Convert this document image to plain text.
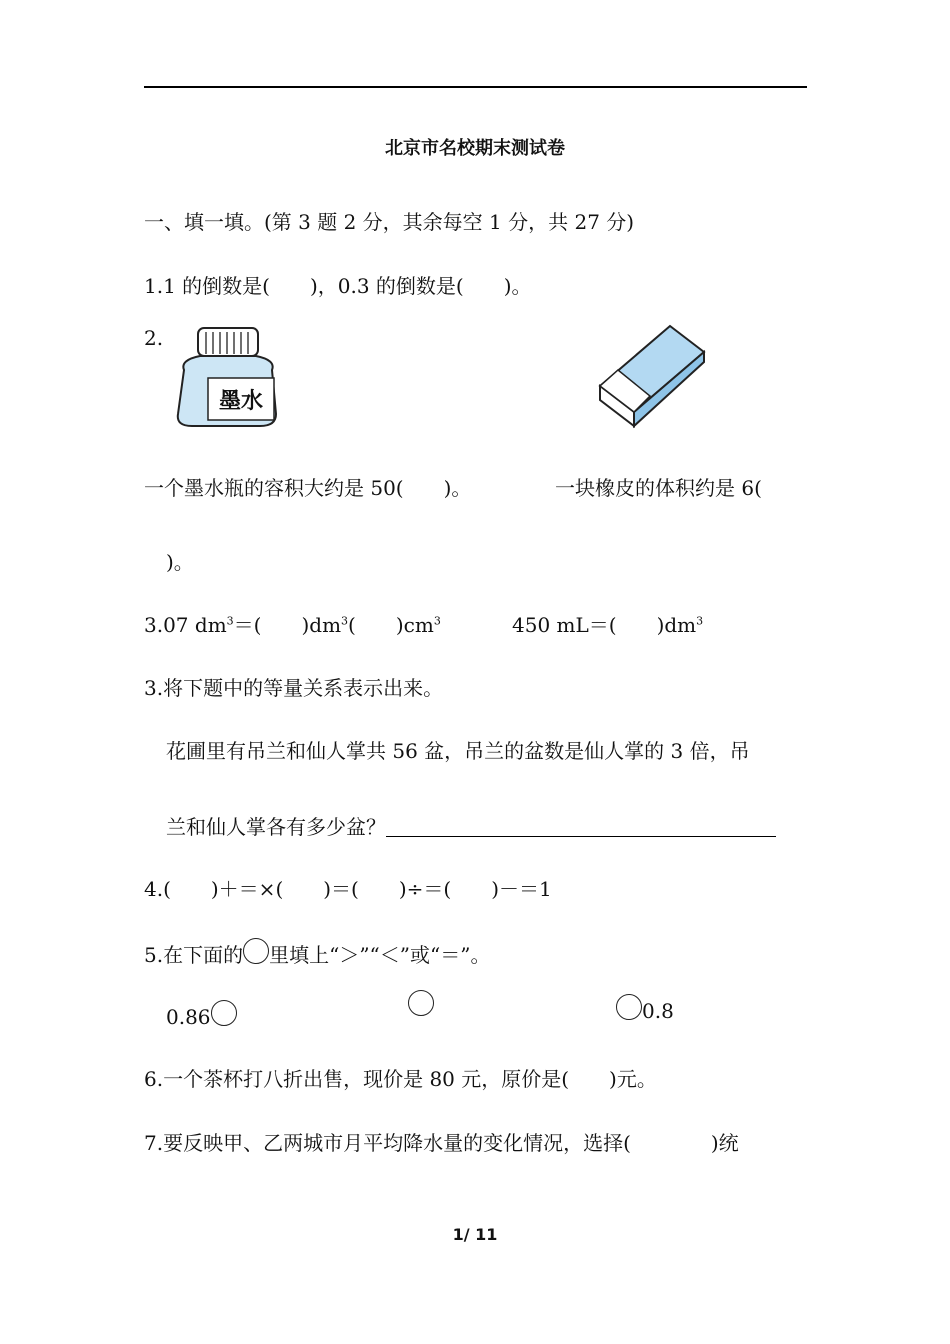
北京市名校期末测试卷
一、填一填。(第 3 题 2 分，其余每空 1 分，共 27 分)
1.1 的倒数是(　　)，0.3 的倒数是(　　)。
2.
墨水
一个墨水瓶的容积大约是 50(　　)。	一块橡皮的体积约是 6(
)。
3.07 $dm^3=$(　　)$dm^3$(　　)$cm^3$	450 mL＝(　　)$dm^3$
3.将下题中的等量关系表示出来。
花圃里有吊兰和仙人掌共 56 盆，吊兰的盆数是仙人掌的 3 倍，吊
兰和仙人掌各有多少盆？
4.(　　)＋＝×(　　)＝(　　)÷＝(　　)－＝1
5.在下面的 里填上“＞”“＜”或“＝”。
0.86	0.8
6.一个茶杯打八折出售，现价是 80 元，原价是(　　)元。
7.要反映甲、乙两城市月平均降水量的变化情况，选择(　　　　)统
1/ 11
